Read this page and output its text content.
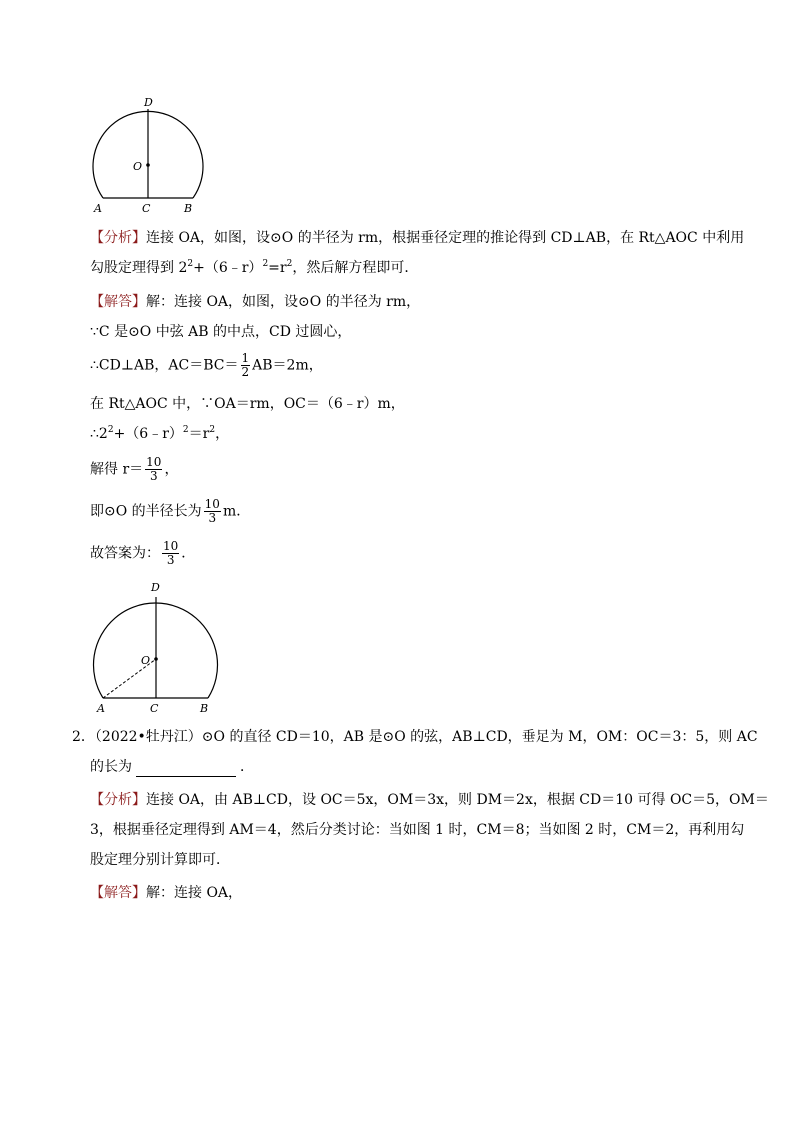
D
O
A	C	B
【分析】连接 OA，如图，设⊙O 的半径为 rm，根据垂径定理的推论得到 CD⊥AB，在 Rt△AOC 中利用
勾股定理得到 $2^2+(6﹣r)^2=r^2$，然后解方程即可．
【解答】解：连接 OA，如图，设⊙O 的半径为 rm，
∵C 是⊙O 中弦 AB 的中点，CD 过圆心，
∴CD⊥AB，$AC=BC= \frac{1}{2} AB=2m$，
在 Rt△AOC 中，∵OA＝rm，OC＝（6﹣r）m，
$\therefore 2^2+(6﹣r)^2=r^2$，
解得 $r= \frac{10}{3}$ ，
即⊙O 的半径长为 $\frac{10}{3}$ m．
故答案为： $\frac{10}{3}$ ．
D
O
A	C	B
2．（2022•牡丹江）⊙O 的直径 CD＝10，AB 是⊙O 的弦，AB⊥CD，垂足为 M，OM：OC＝3：5，则 AC
的长为	．
【分析】连接 OA，由 AB⊥CD，设 OC＝5x，OM＝3x，则 DM＝2x，根据 CD＝10 可得 OC＝5，OM＝
3，根据垂径定理得到 AM＝4，然后分类讨论：当如图 1 时，CM＝8；当如图 2 时，CM＝2，再利用勾
股定理分别计算即可．
【解答】解：连接 OA，
